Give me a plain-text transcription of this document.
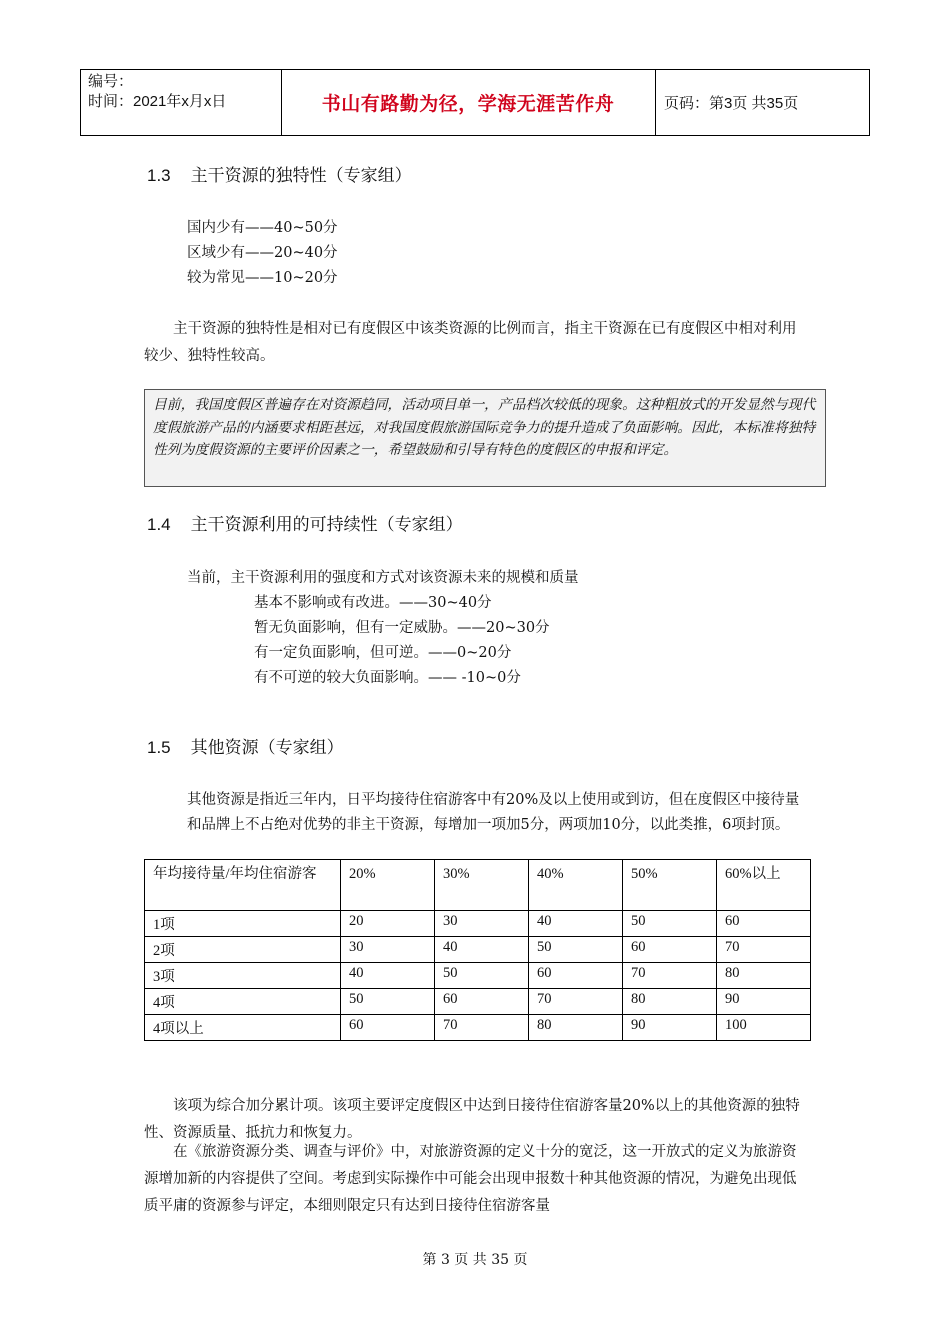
编号：
时间：2021年x月x日	书山有路勤为径，学海无涯苦作舟	页码：第3页 共35页
1.3 主干资源的独特性（专家组）
国内少有——40~50分
区域少有——20~40分
较为常见——10~20分
主干资源的独特性是相对已有度假区中该类资源的比例而言，指主干资源在已有度假区中相对利用较少、独特性较高。
目前，我国度假区普遍存在对资源趋同，活动项目单一，产品档次较低的现象。这种粗放式的开发显然与现代度假旅游产品的内涵要求相距甚远，对我国度假旅游国际竞争力的提升造成了负面影响。因此，本标准将独特性列为度假资源的主要评价因素之一，希望鼓励和引导有特色的度假区的申报和评定。
1.4 主干资源利用的可持续性（专家组）
当前，主干资源利用的强度和方式对该资源未来的规模和质量
基本不影响或有改进。——30~40分
暂无负面影响，但有一定威胁。——20~30分
有一定负面影响，但可逆。——0~20分
有不可逆的较大负面影响。—— -10~0分
1.5 其他资源（专家组）
其他资源是指近三年内，日平均接待住宿游客中有20%及以上使用或到访，但在度假区中接待量和品牌上不占绝对优势的非主干资源，每增加一项加5分，两项加10分，以此类推，6项封顶。
年均接待量/年均住宿游客	20%	30%	40%	50%	60%以上
1项	20	30	40	50	60
2项	30	40	50	60	70
3项	40	50	60	70	80
4项	50	60	70	80	90
4项以上	60	70	80	90	100
该项为综合加分累计项。该项主要评定度假区中达到日接待住宿游客量20%以上的其他资源的独特性、资源质量、抵抗力和恢复力。
在《旅游资源分类、调查与评价》中，对旅游资源的定义十分的宽泛，这一开放式的定义为旅游资源增加新的内容提供了空间。考虑到实际操作中可能会出现申报数十种其他资源的情况，为避免出现低质平庸的资源参与评定，本细则限定只有达到日接待住宿游客量
第 3 页 共 35 页
